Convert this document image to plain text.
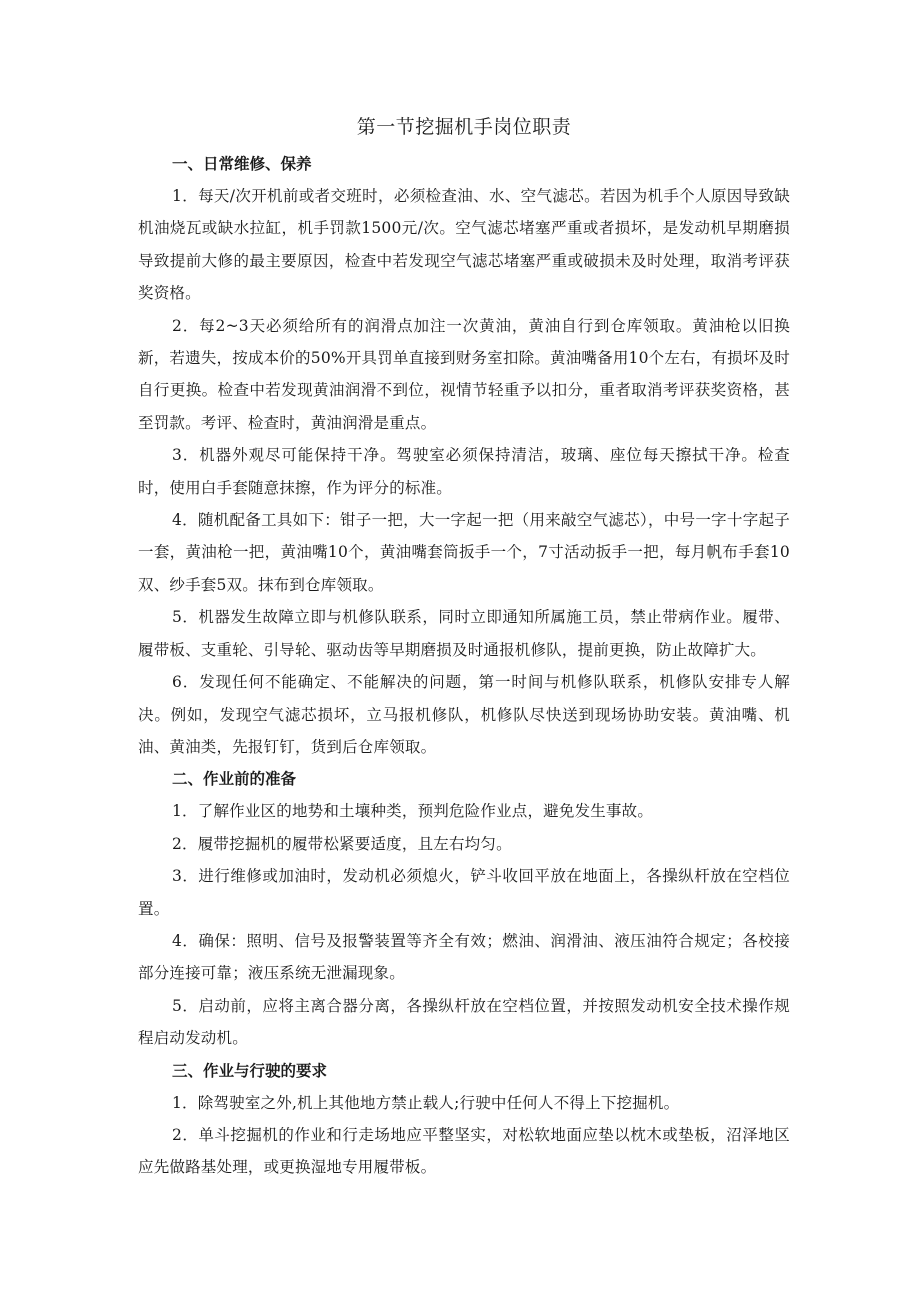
第一节挖掘机手岗位职责
一、日常维修、保养

1．每天/次开机前或者交班时，必须检查油、水、空气滤芯。若因为机手个人原因导致缺机油烧瓦或缺水拉缸，机手罚款1500元/次。空气滤芯堵塞严重或者损坏，是发动机早期磨损导致提前大修的最主要原因，检查中若发现空气滤芯堵塞严重或破损未及时处理，取消考评获奖资格。

2．每2~3天必须给所有的润滑点加注一次黄油，黄油自行到仓库领取。黄油枪以旧换新，若遗失，按成本价的50%开具罚单直接到财务室扣除。黄油嘴备用10个左右，有损坏及时自行更换。检查中若发现黄油润滑不到位，视情节轻重予以扣分，重者取消考评获奖资格，甚至罚款。考评、检查时，黄油润滑是重点。

3．机器外观尽可能保持干净。驾驶室必须保持清洁，玻璃、座位每天擦拭干净。检查时，使用白手套随意抹擦，作为评分的标准。

4．随机配备工具如下：钳子一把，大一字起一把（用来敲空气滤芯），中号一字十字起子一套，黄油枪一把，黄油嘴10个，黄油嘴套筒扳手一个，7寸活动扳手一把，每月帆布手套10双、纱手套5双。抹布到仓库领取。

5．机器发生故障立即与机修队联系，同时立即通知所属施工员，禁止带病作业。履带、履带板、支重轮、引导轮、驱动齿等早期磨损及时通报机修队，提前更换，防止故障扩大。

6．发现任何不能确定、不能解决的问题，第一时间与机修队联系，机修队安排专人解决。例如，发现空气滤芯损坏，立马报机修队，机修队尽快送到现场协助安装。黄油嘴、机油、黄油类，先报钉钉，货到后仓库领取。

二、作业前的准备

1．了解作业区的地势和土壤种类，预判危险作业点，避免发生事故。

2．履带挖掘机的履带松紧要适度，且左右均匀。

3．进行维修或加油时，发动机必须熄火，铲斗收回平放在地面上，各操纵杆放在空档位置。

4．确保：照明、信号及报警装置等齐全有效；燃油、润滑油、液压油符合规定；各校接部分连接可靠；液压系统无泄漏现象。

5．启动前，应将主离合器分离，各操纵杆放在空档位置，并按照发动机安全技术操作规程启动发动机。

三、作业与行驶的要求

1．除驾驶室之外,机上其他地方禁止载人;行驶中任何人不得上下挖掘机。

2．单斗挖掘机的作业和行走场地应平整坚实，对松软地面应垫以枕木或垫板，沼泽地区应先做路基处理，或更换湿地专用履带板。
